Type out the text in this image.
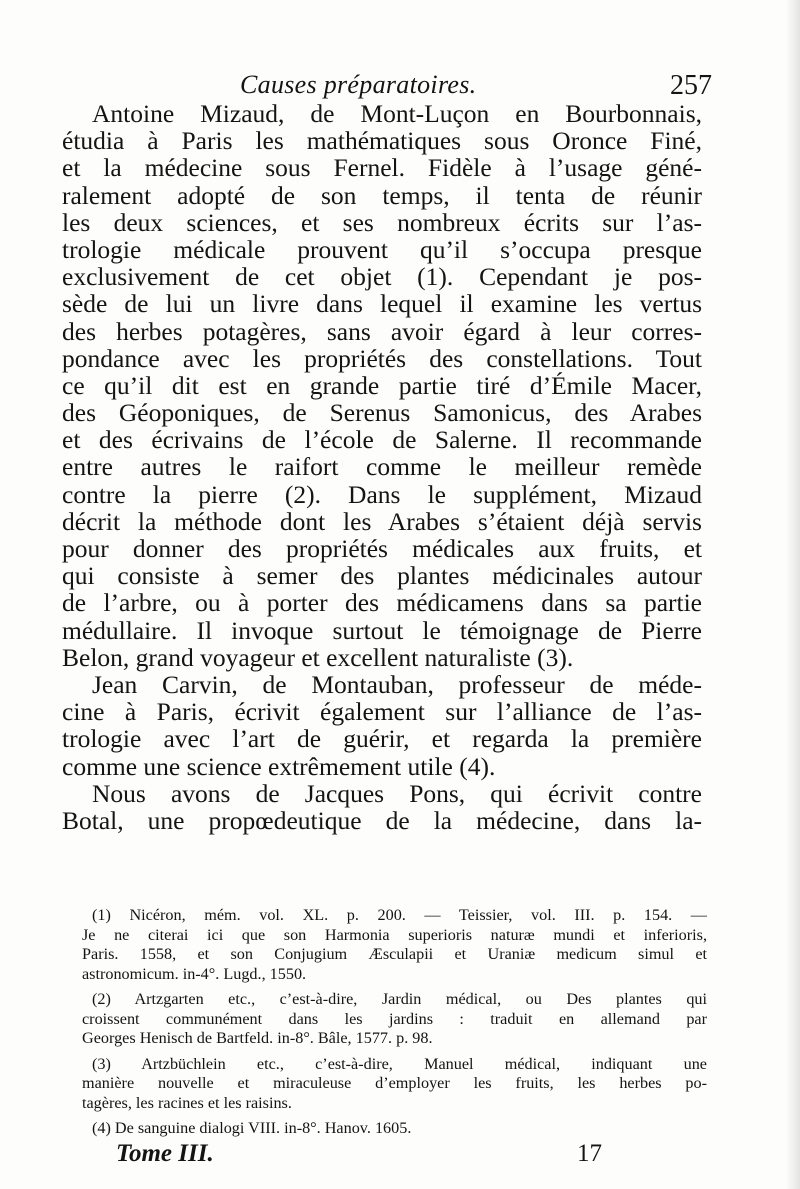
Causes préparatoires.	257
Antoine Mizaud, de Mont-Luçon en Bourbonnais,
étudia à Paris les mathématiques sous Oronce Finé,
et la médecine sous Fernel. Fidèle à l’usage géné-
ralement adopté de son temps, il tenta de réunir
les deux sciences, et ses nombreux écrits sur l’as-
trologie médicale prouvent qu’il s’occupa presque
exclusivement de cet objet (1). Cependant je pos-
sède de lui un livre dans lequel il examine les vertus
des herbes potagères, sans avoir égard à leur corres-
pondance avec les propriétés des constellations. Tout
ce qu’il dit est en grande partie tiré d’Émile Macer,
des Géoponiques, de Serenus Samonicus, des Arabes
et des écrivains de l’école de Salerne. Il recommande
entre autres le raifort comme le meilleur remède
contre la pierre (2). Dans le supplément, Mizaud
décrit la méthode dont les Arabes s’étaient déjà servis
pour donner des propriétés médicales aux fruits, et
qui consiste à semer des plantes médicinales autour
de l’arbre, ou à porter des médicamens dans sa partie
médullaire. Il invoque surtout le témoignage de Pierre
Belon, grand voyageur et excellent naturaliste (3).
Jean Carvin, de Montauban, professeur de méde-
cine à Paris, écrivit également sur l’alliance de l’as-
trologie avec l’art de guérir, et regarda la première
comme une science extrêmement utile (4).
Nous avons de Jacques Pons, qui écrivit contre
Botal, une propœdeutique de la médecine, dans la-
(1) Nicéron, mém. vol. XL. p. 200. — Teissier, vol. III. p. 154. —
Je ne citerai ici que son Harmonia superioris naturæ mundi et inferioris,
Paris. 1558, et son Conjugium Æsculapii et Uraniæ medicum simul et
astronomicum. in-4°. Lugd., 1550.
(2) Artzgarten etc., c’est-à-dire, Jardin médical, ou Des plantes qui
croissent communément dans les jardins : traduit en allemand par
Georges Henisch de Bartfeld. in-8°. Bâle, 1577. p. 98.
(3) Artzbüchlein etc., c’est-à-dire, Manuel médical, indiquant une
manière nouvelle et miraculeuse d’employer les fruits, les herbes po-
tagères, les racines et les raisins.
(4) De sanguine dialogi VIII. in-8°. Hanov. 1605.
Tome III.	17
